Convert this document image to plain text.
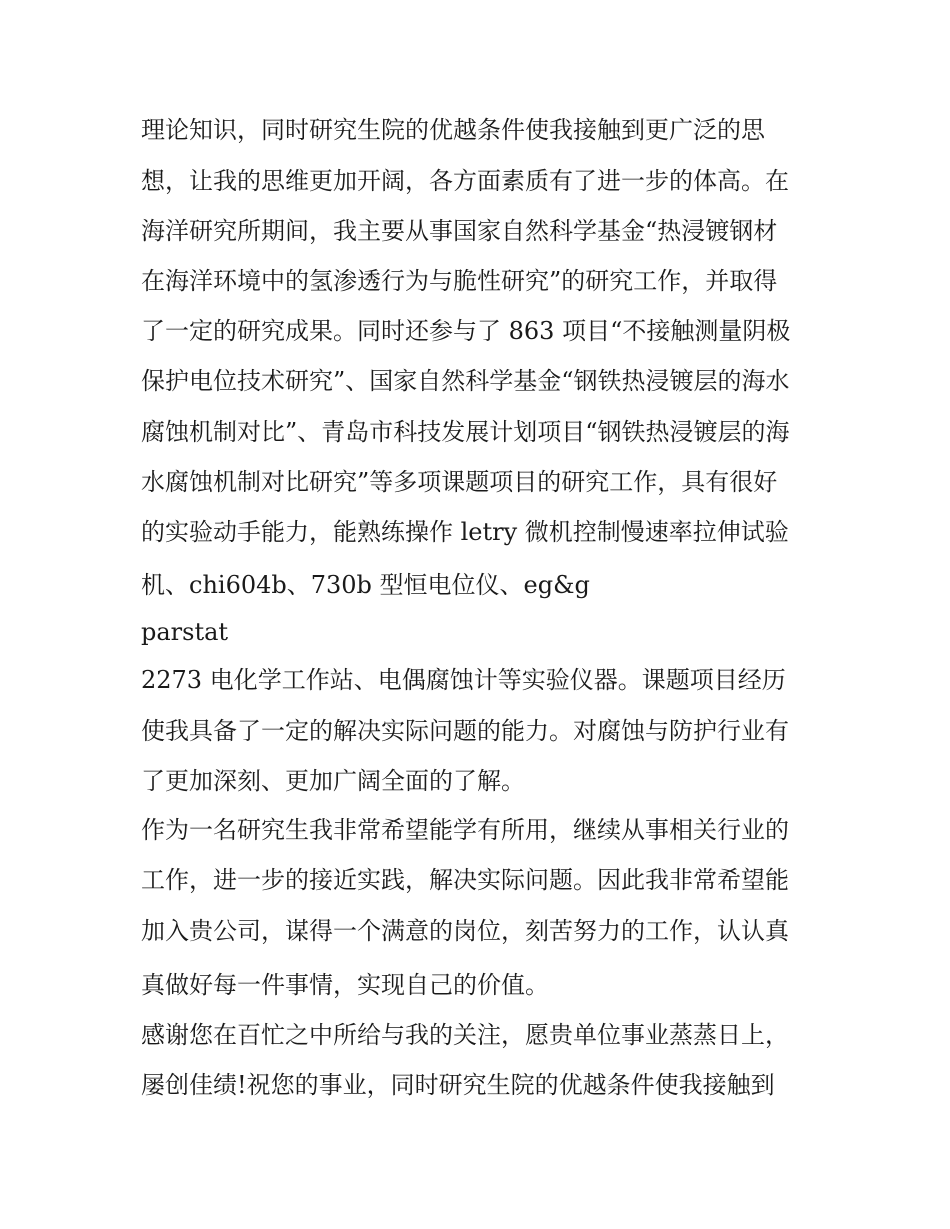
理论知识，同时研究生院的优越条件使我接触到更广泛的思
想，让我的思维更加开阔，各方面素质有了进一步的体高。在
海洋研究所期间，我主要从事国家自然科学基金“热浸镀钢材
在海洋环境中的氢渗透行为与脆性研究”的研究工作，并取得
了一定的研究成果。同时还参与了 863 项目“不接触测量阴极
保护电位技术研究”、国家自然科学基金“钢铁热浸镀层的海水
腐蚀机制对比”、青岛市科技发展计划项目“钢铁热浸镀层的海
水腐蚀机制对比研究”等多项课题项目的研究工作，具有很好
的实验动手能力，能熟练操作 letry 微机控制慢速率拉伸试验
机、chi604b、730b 型恒电位仪、eg&g
parstat
2273 电化学工作站、电偶腐蚀计等实验仪器。课题项目经历
使我具备了一定的解决实际问题的能力。对腐蚀与防护行业有
了更加深刻、更加广阔全面的了解。
作为一名研究生我非常希望能学有所用，继续从事相关行业的
工作，进一步的接近实践，解决实际问题。因此我非常希望能
加入贵公司，谋得一个满意的岗位，刻苦努力的工作，认认真
真做好每一件事情，实现自己的价值。
感谢您在百忙之中所给与我的关注，愿贵单位事业蒸蒸日上，
屡创佳绩!祝您的事业，同时研究生院的优越条件使我接触到
